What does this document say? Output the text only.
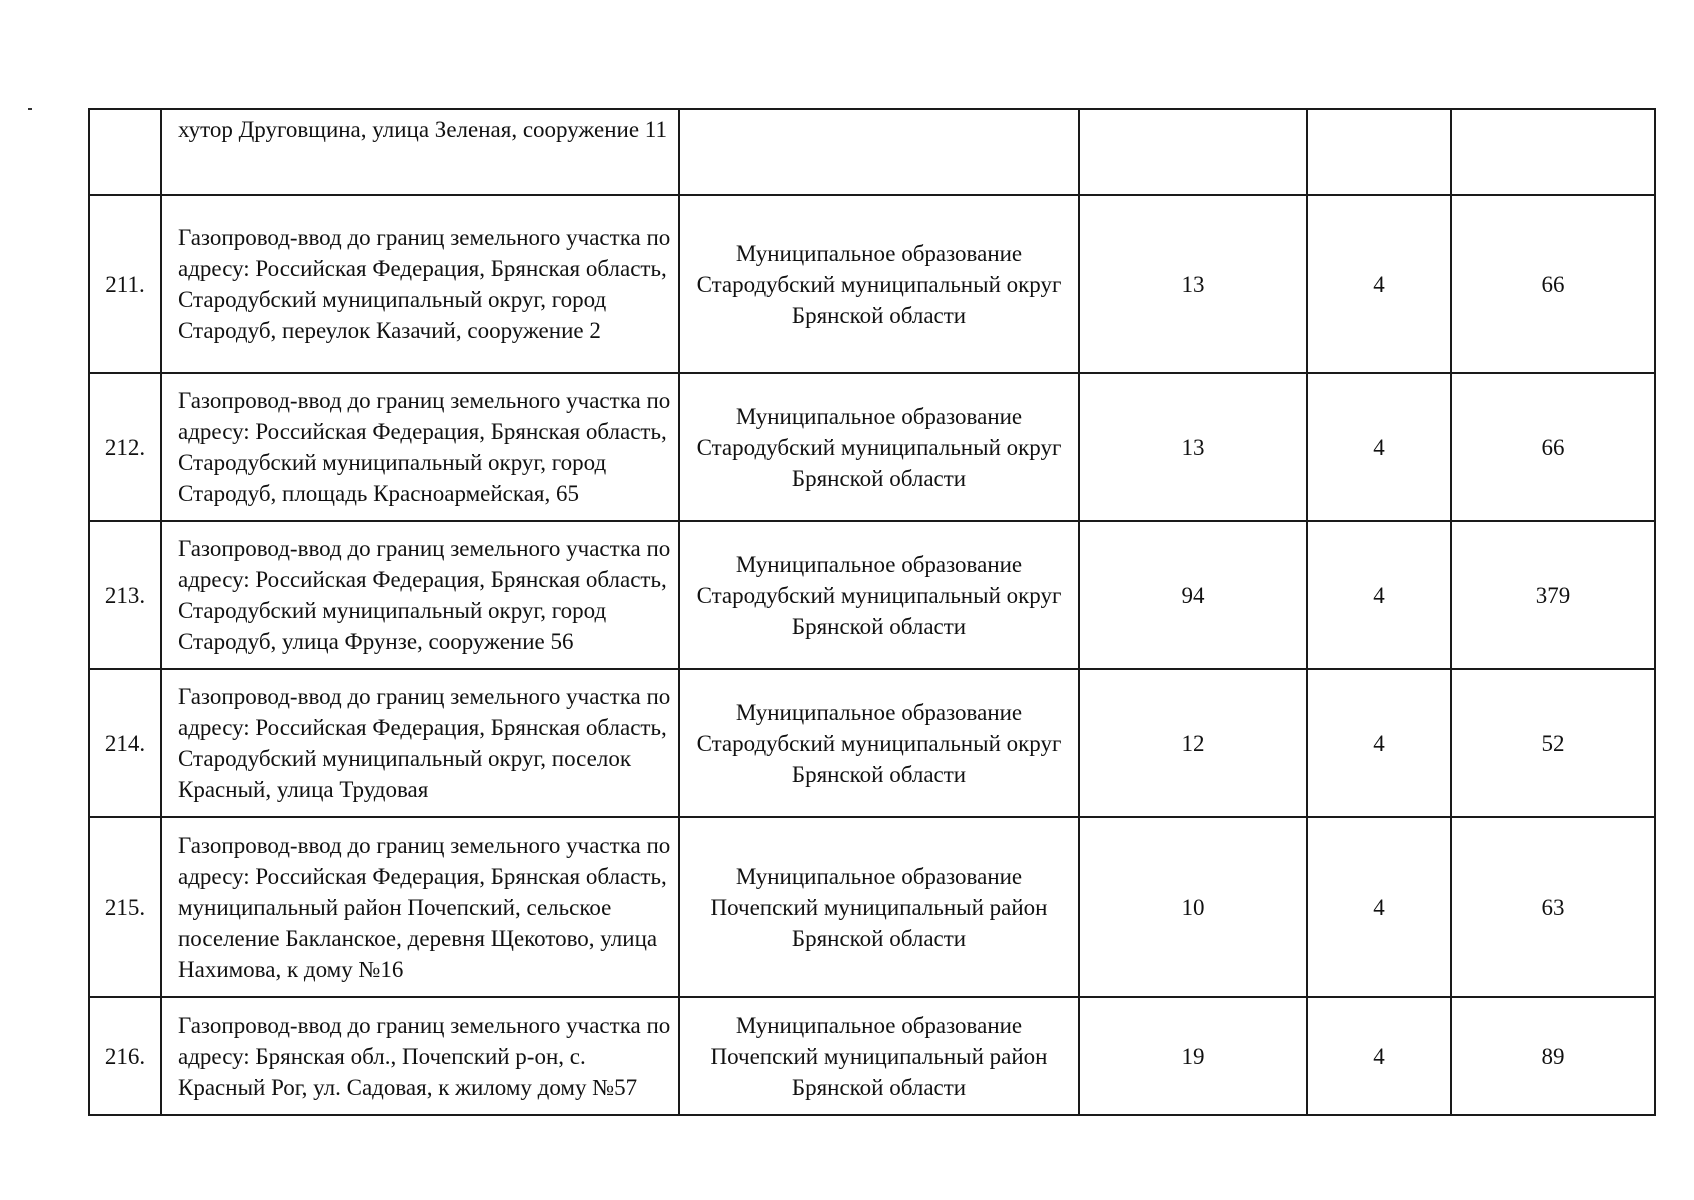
	хутор Друговщина, улица Зеленая, сооружение 11				
211.	Газопровод-ввод до границ земельного участка по адресу: Российская Федерация, Брянская область, Стародубский муниципальный округ, город Стародуб, переулок Казачий, сооружение 2	Муниципальное образование Стародубский муниципальный округ Брянской области	13	4	66
212.	Газопровод-ввод до границ земельного участка по адресу: Российская Федерация, Брянская область, Стародубский муниципальный округ, город Стародуб, площадь Красноармейская, 65	Муниципальное образование Стародубский муниципальный округ Брянской области	13	4	66
213.	Газопровод-ввод до границ земельного участка по адресу: Российская Федерация, Брянская область, Стародубский муниципальный округ, город Стародуб, улица Фрунзе, сооружение 56	Муниципальное образование Стародубский муниципальный округ Брянской области	94	4	379
214.	Газопровод-ввод до границ земельного участка по адресу: Российская Федерация, Брянская область, Стародубский муниципальный округ, поселок Красный, улица Трудовая	Муниципальное образование Стародубский муниципальный округ Брянской области	12	4	52
215.	Газопровод-ввод до границ земельного участка по адресу: Российская Федерация, Брянская область, муниципальный район Почепский, сельское поселение Бакланское, деревня Щекотово, улица Нахимова, к дому №16	Муниципальное образование Почепский муниципальный район Брянской области	10	4	63
216.	Газопровод-ввод до границ земельного участка по адресу: Брянская обл., Почепский р-он, с. Красный Рог, ул. Садовая, к жилому дому №57	Муниципальное образование Почепский муниципальный район Брянской области	19	4	89
